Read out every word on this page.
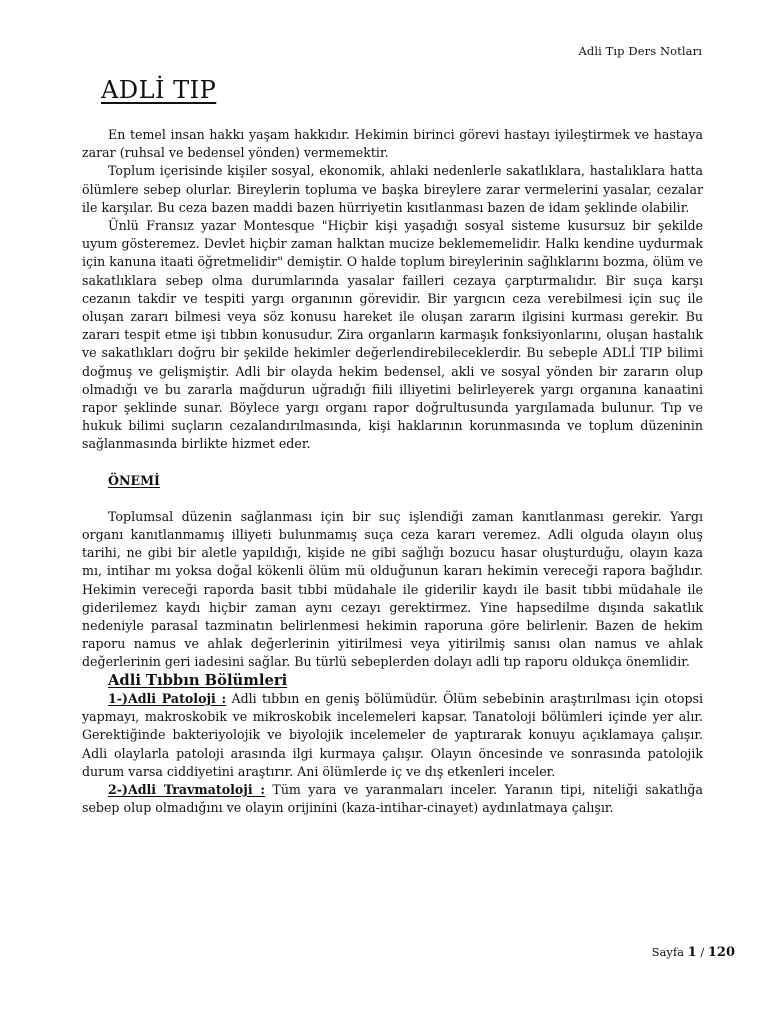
Adli Tıp Ders Notları
ADLİ TIP

En temel insan hakkı yaşam hakkıdır. Hekimin birinci görevi hastayı iyileştirmek ve hastaya zarar (ruhsal ve bedensel yönden) vermemektir.

Toplum içerisinde kişiler sosyal, ekonomik, ahlaki nedenlerle sakatlıklara, hastalıklara hatta ölümlere sebep olurlar. Bireylerin topluma ve başka bireylere zarar vermelerini yasalar, cezalar ile karşılar. Bu ceza bazen maddi bazen hürriyetin kısıtlanması bazen de idam şeklinde olabilir.

Ünlü Fransız yazar Montesque "Hiçbir kişi yaşadığı sosyal sisteme kusursuz bir şekilde uyum gösteremez. Devlet hiçbir zaman halktan mucize beklememelidir. Halkı kendine uydurmak için kanuna itaati öğretmelidir" demiştir. O halde toplum bireylerinin sağlıklarını bozma, ölüm ve sakatlıklara sebep olma durumlarında yasalar failleri cezaya çarptırmalıdır. Bir suça karşı cezanın takdir ve tespiti yargı organının görevidir. Bir yargıcın ceza verebilmesi için suç ile oluşan zararı bilmesi veya söz konusu hareket ile oluşan zararın ilgisini kurması gerekir. Bu zararı tespit etme işi tıbbın konusudur. Zira organların karmaşık fonksiyonlarını, oluşan hastalık ve sakatlıkları doğru bir şekilde hekimler değerlendirebileceklerdir. Bu sebeple ADLİ TIP bilimi doğmuş ve gelişmiştir. Adli bir olayda hekim bedensel, akli ve sosyal yönden bir zararın olup olmadığı ve bu zararla mağdurun uğradığı fiili illiyetini belirleyerek yargı organına kanaatini rapor şeklinde sunar. Böylece yargı organı rapor doğrultusunda yargılamada bulunur. Tıp ve hukuk bilimi suçların cezalandırılmasında, kişi haklarının korunmasında ve toplum düzeninin sağlanmasında birlikte hizmet eder.

ÖNEMİ

Toplumsal düzenin sağlanması için bir suç işlendiği zaman kanıtlanması gerekir. Yargı organı kanıtlanmamış illiyeti bulunmamış suça ceza kararı veremez. Adli olguda olayın oluş tarihi, ne gibi bir aletle yapıldığı, kişide ne gibi sağlığı bozucu hasar oluşturduğu, olayın kaza mı, intihar mı yoksa doğal kökenli ölüm mü olduğunun kararı hekimin vereceği rapora bağlıdır. Hekimin vereceği raporda basit tıbbi müdahale ile giderilir kaydı ile basit tıbbi müdahale ile giderilemez kaydı hiçbir zaman aynı cezayı gerektirmez. Yine hapsedilme dışında sakatlık nedeniyle parasal tazminatın belirlenmesi hekimin raporuna göre belirlenir. Bazen de hekim raporu namus ve ahlak değerlerinin yitirilmesi veya yitirilmiş sanısı olan namus ve ahlak değerlerinin geri iadesini sağlar. Bu türlü sebeplerden dolayı adli tıp raporu oldukça önemlidir.

Adli Tıbbın Bölümleri

1-)Adli Patoloji : Adli tıbbın en geniş bölümüdür. Ölüm sebebinin araştırılması için otopsi yapmayı, makroskobik ve mikroskobik incelemeleri kapsar. Tanatoloji bölümleri içinde yer alır. Gerektiğinde bakteriyolojik ve biyolojik incelemeler de yaptırarak konuyu açıklamaya çalışır. Adli olaylarla patoloji arasında ilgi kurmaya çalışır. Olayın öncesinde ve sonrasında patolojik durum varsa ciddiyetini araştırır. Ani ölümlerde iç ve dış etkenleri inceler.

2-)Adli Travmatoloji : Tüm yara ve yaranmaları inceler. Yaranın tipi, niteliği sakatlığa sebep olup olmadığını ve olayın orijinini (kaza-intihar-cinayet) aydınlatmaya çalışır.

Sayfa 1 / 120
